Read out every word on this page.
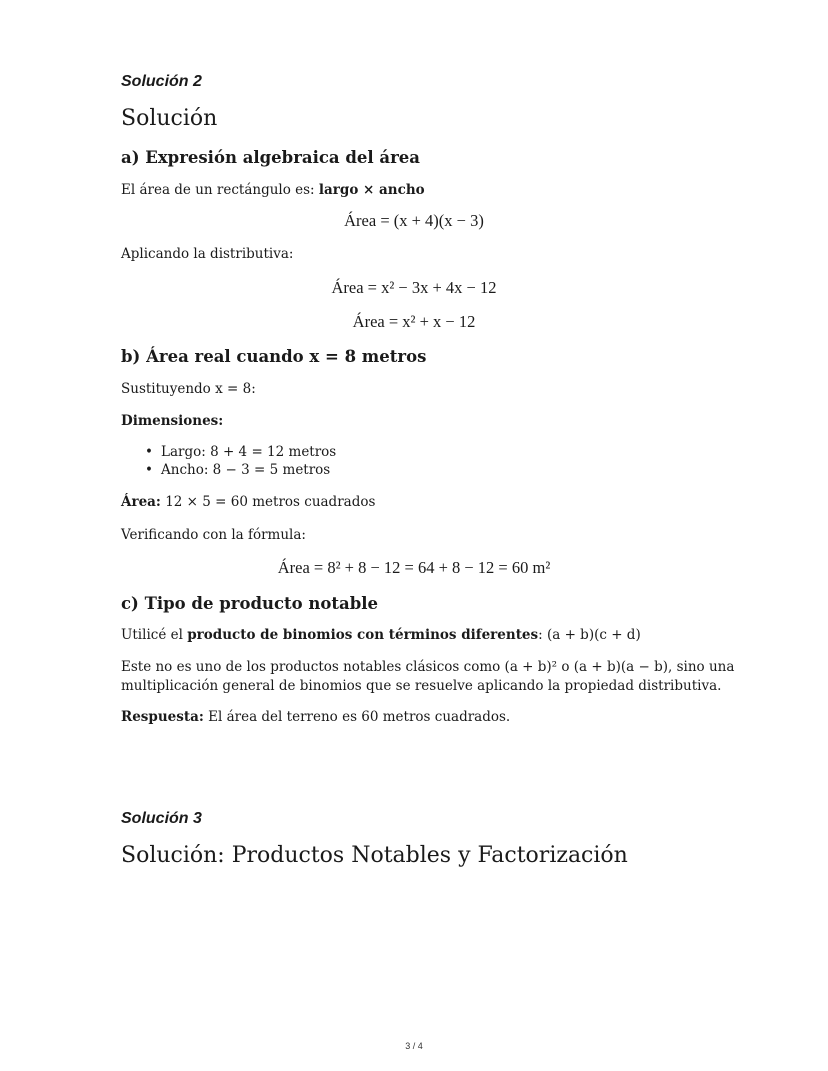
Solución 2
Solución
a) Expresión algebraica del área
El área de un rectángulo es: largo × ancho
Área = (x + 4)(x − 3)
Aplicando la distributiva:
Área = x² − 3x + 4x − 12
Área = x² + x − 12
b) Área real cuando x = 8 metros
Sustituyendo x = 8:
Dimensiones:
• Largo: 8 + 4 = 12 metros
• Ancho: 8 − 3 = 5 metros
Área: 12 × 5 = 60 metros cuadrados
Verificando con la fórmula:
Área = 8² + 8 − 12 = 64 + 8 − 12 = 60 m²
c) Tipo de producto notable
Utilicé el producto de binomios con términos diferentes: (a + b)(c + d)
Este no es uno de los productos notables clásicos como (a + b)² o (a + b)(a − b), sino una
multiplicación general de binomios que se resuelve aplicando la propiedad distributiva.
Respuesta: El área del terreno es 60 metros cuadrados.
Solución 3
Solución: Productos Notables y Factorización
3 / 4
